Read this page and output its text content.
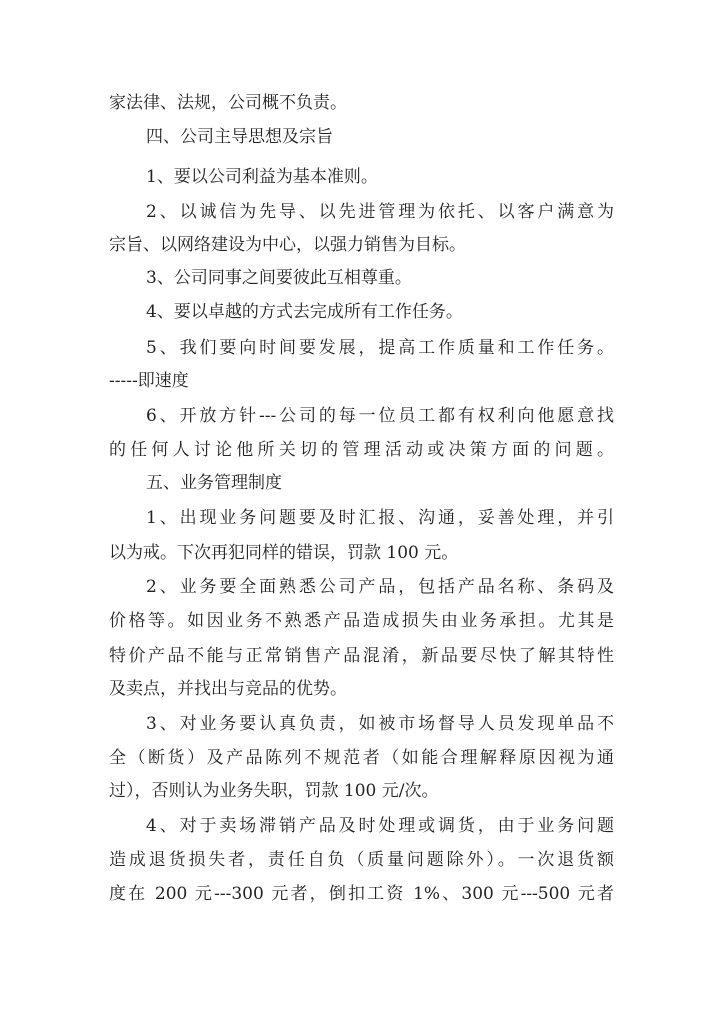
家法律、法规，公司概不负责。
四、公司主导思想及宗旨
1、要以公司利益为基本准则。
2、以诚信为先导、以先进管理为依托、以客户满意为
宗旨、以网络建设为中心，以强力销售为目标。
3、公司同事之间要彼此互相尊重。
4、要以卓越的方式去完成所有工作任务。
5、我们要向时间要发展，提高工作质量和工作任务。
-----即速度
6、开放方针---公司的每一位员工都有权利向他愿意找
的任何人讨论他所关切的管理活动或决策方面的问题。
五、业务管理制度
1、出现业务问题要及时汇报、沟通，妥善处理，并引
以为戒。下次再犯同样的错误，罚款 100 元。
2、业务要全面熟悉公司产品，包括产品名称、条码及
价格等。如因业务不熟悉产品造成损失由业务承担。尤其是
特价产品不能与正常销售产品混淆，新品要尽快了解其特性
及卖点，并找出与竞品的优势。
3、对业务要认真负责，如被市场督导人员发现单品不
全（断货）及产品陈列不规范者（如能合理解释原因视为通
过），否则认为业务失职，罚款 100 元/次。
4、对于卖场滞销产品及时处理或调货，由于业务问题
造成退货损失者，责任自负（质量问题除外）。一次退货额
度在 200 元---300 元者，倒扣工资 1%、300 元---500 元者
